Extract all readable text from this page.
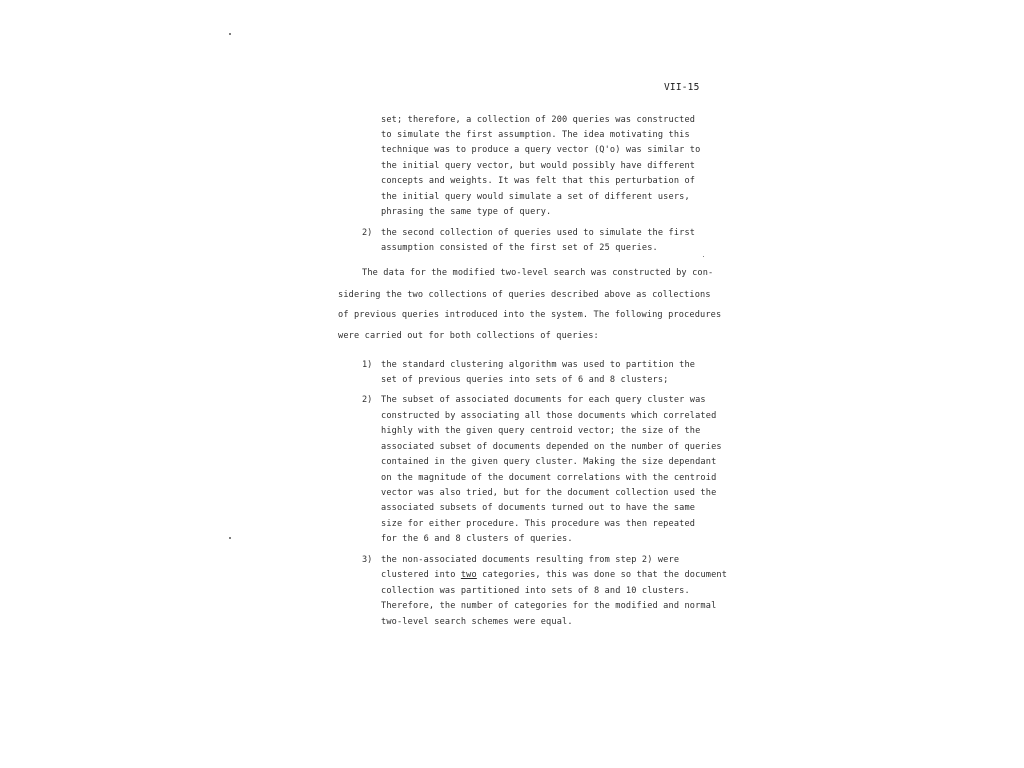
VII-15
set; therefore, a collection of 200 queries was constructed
to simulate the first assumption. The idea motivating this
technique was to produce a query vector (Q'o) was similar to
the initial query vector, but would possibly have different
concepts and weights. It was felt that this perturbation of
the initial query would simulate a set of different users,
phrasing the same type of query.
2) the second collection of queries used to simulate the first
assumption consisted of the first set of 25 queries.
The data for the modified two-level search was constructed by con-
sidering the two collections of queries described above as collections
of previous queries introduced into the system. The following procedures
were carried out for both collections of queries:
1) the standard clustering algorithm was used to partition the
set of previous queries into sets of 6 and 8 clusters;
2) The subset of associated documents for each query cluster was
constructed by associating all those documents which correlated
highly with the given query centroid vector; the size of the
associated subset of documents depended on the number of queries
contained in the given query cluster. Making the size dependant
on the magnitude of the document correlations with the centroid
vector was also tried, but for the document collection used the
associated subsets of documents turned out to have the same
size for either procedure. This procedure was then repeated
for the 6 and 8 clusters of queries.
3) the non-associated documents resulting from step 2) were
clustered into two categories, this was done so that the document
collection was partitioned into sets of 8 and 10 clusters.
Therefore, the number of categories for the modified and normal
two-level search schemes were equal.
